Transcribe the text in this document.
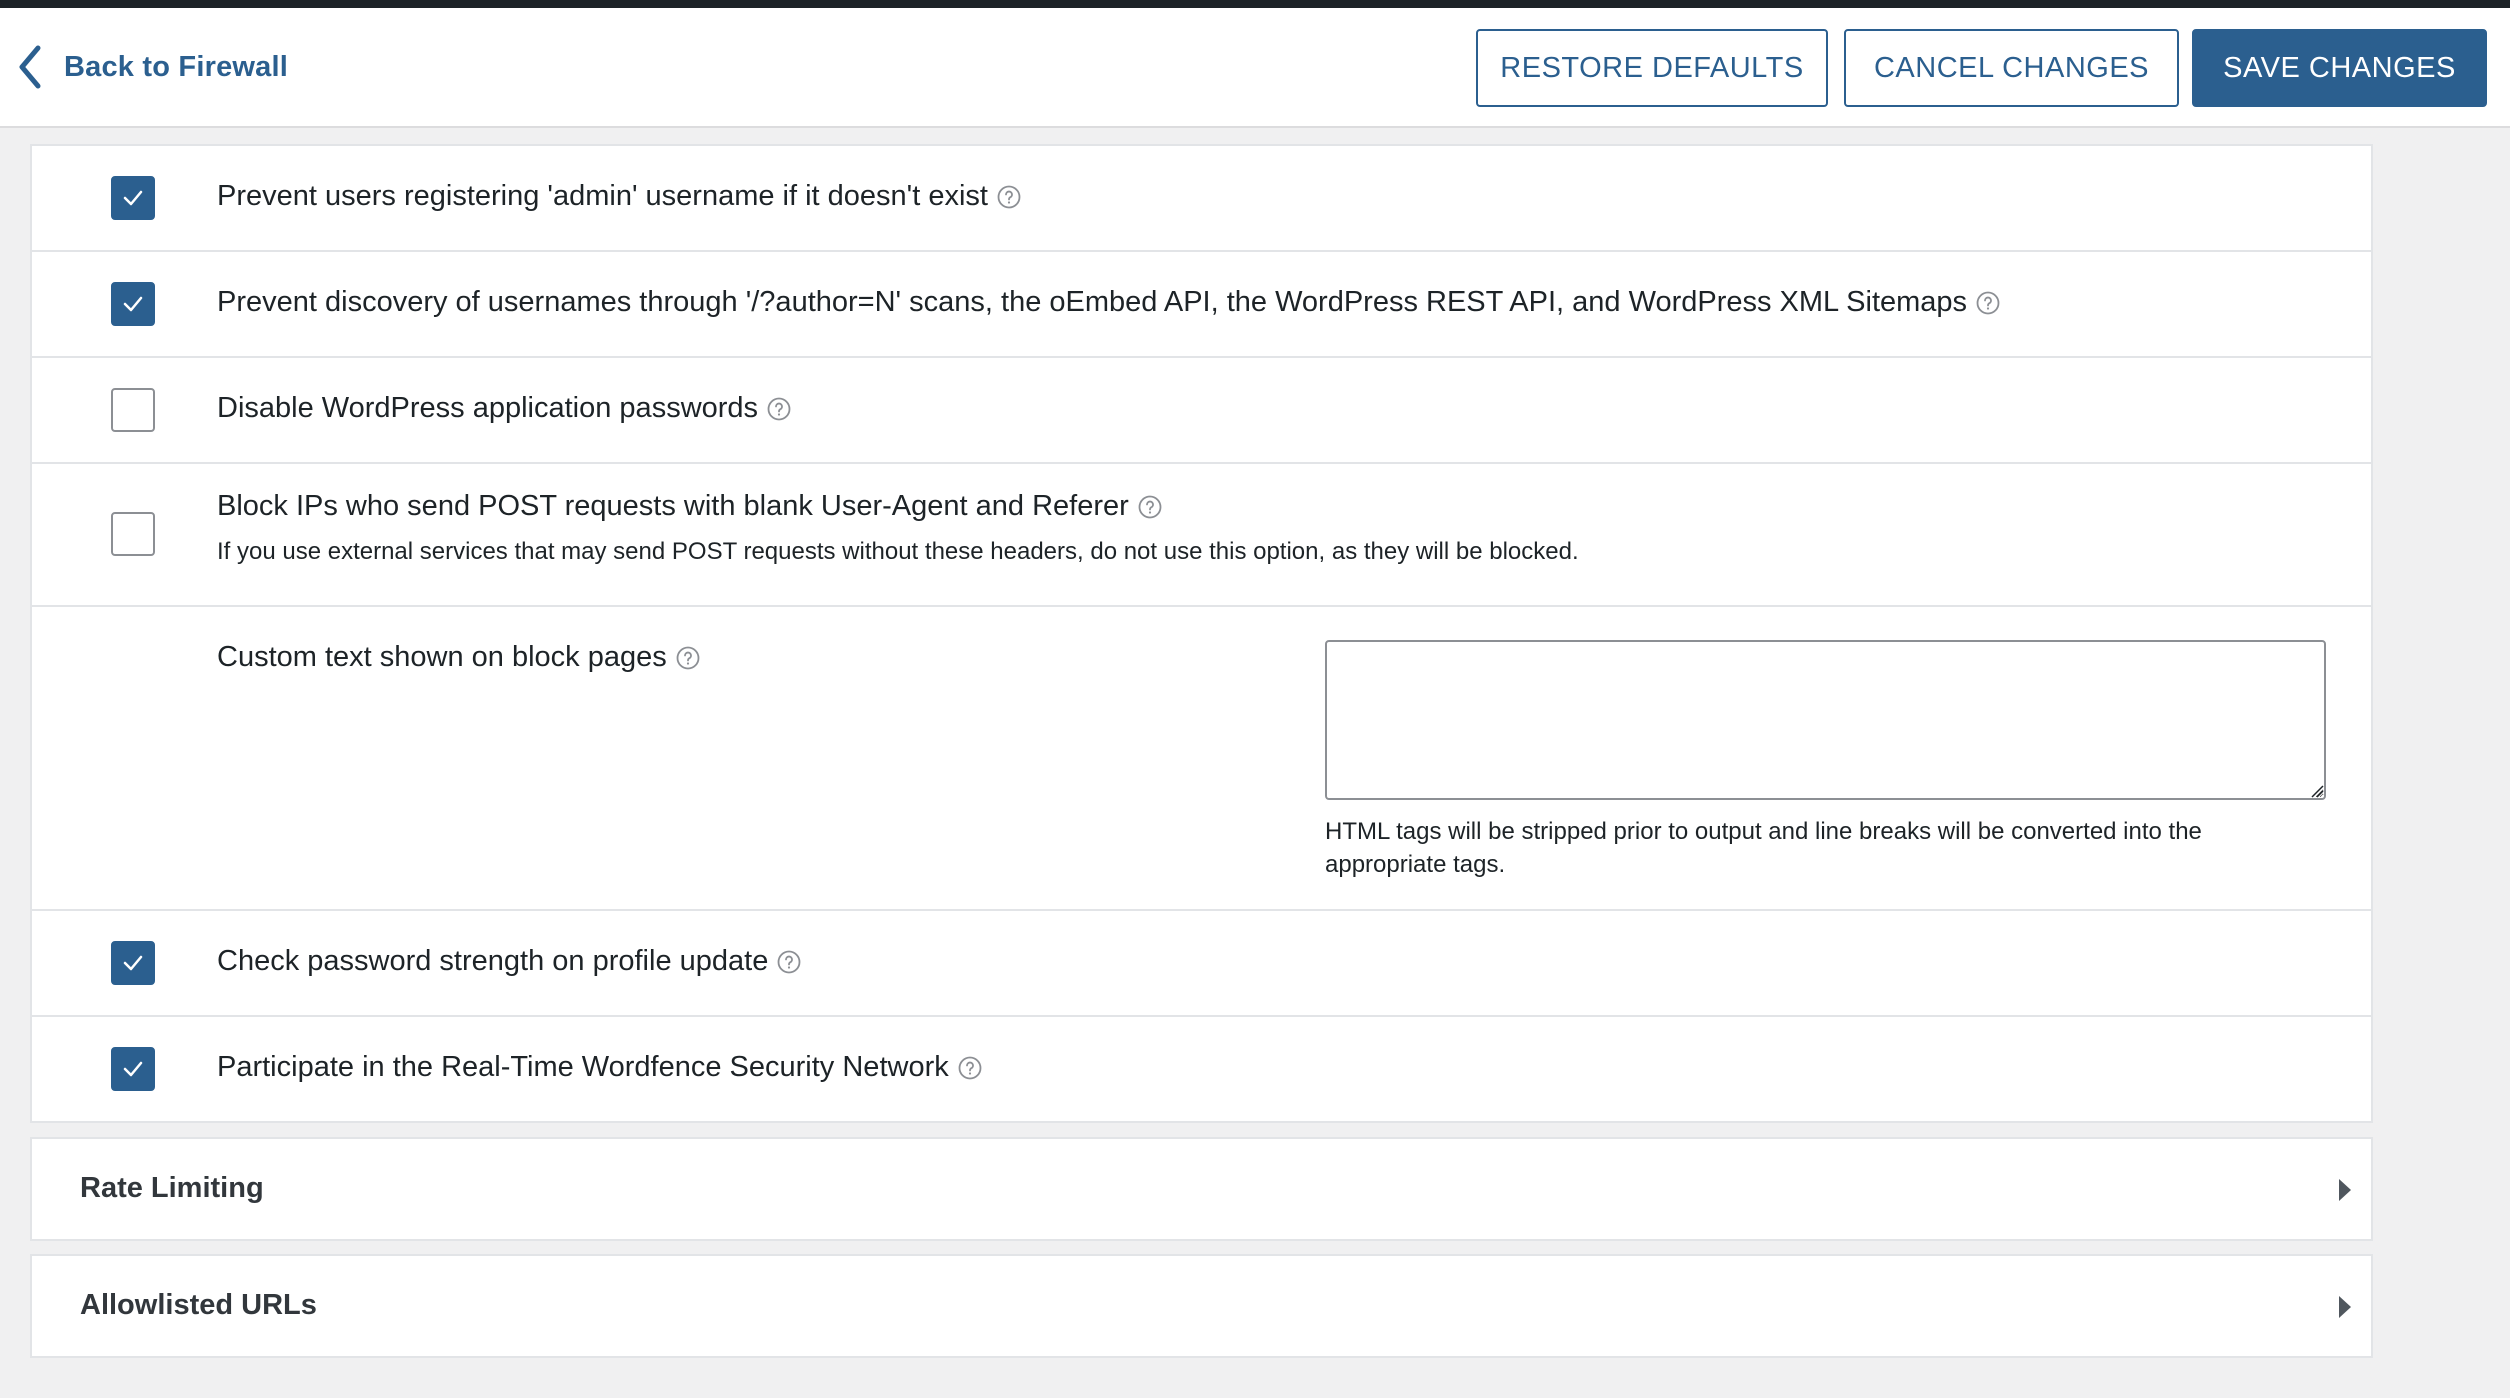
Back to Firewall	RESTORE DEFAULTS	CANCEL CHANGES	SAVE CHANGES
Prevent users registering 'admin' username if it doesn't exist
Prevent discovery of usernames through '/?author=N' scans, the oEmbed API, the WordPress REST API, and WordPress XML Sitemaps
Disable WordPress application passwords
Block IPs who send POST requests with blank User-Agent and Referer
If you use external services that may send POST requests without these headers, do not use this option, as they will be blocked.
Custom text shown on block pages
HTML tags will be stripped prior to output and line breaks will be converted into the appropriate tags.
Check password strength on profile update
Participate in the Real-Time Wordfence Security Network
Rate Limiting
Allowlisted URLs
